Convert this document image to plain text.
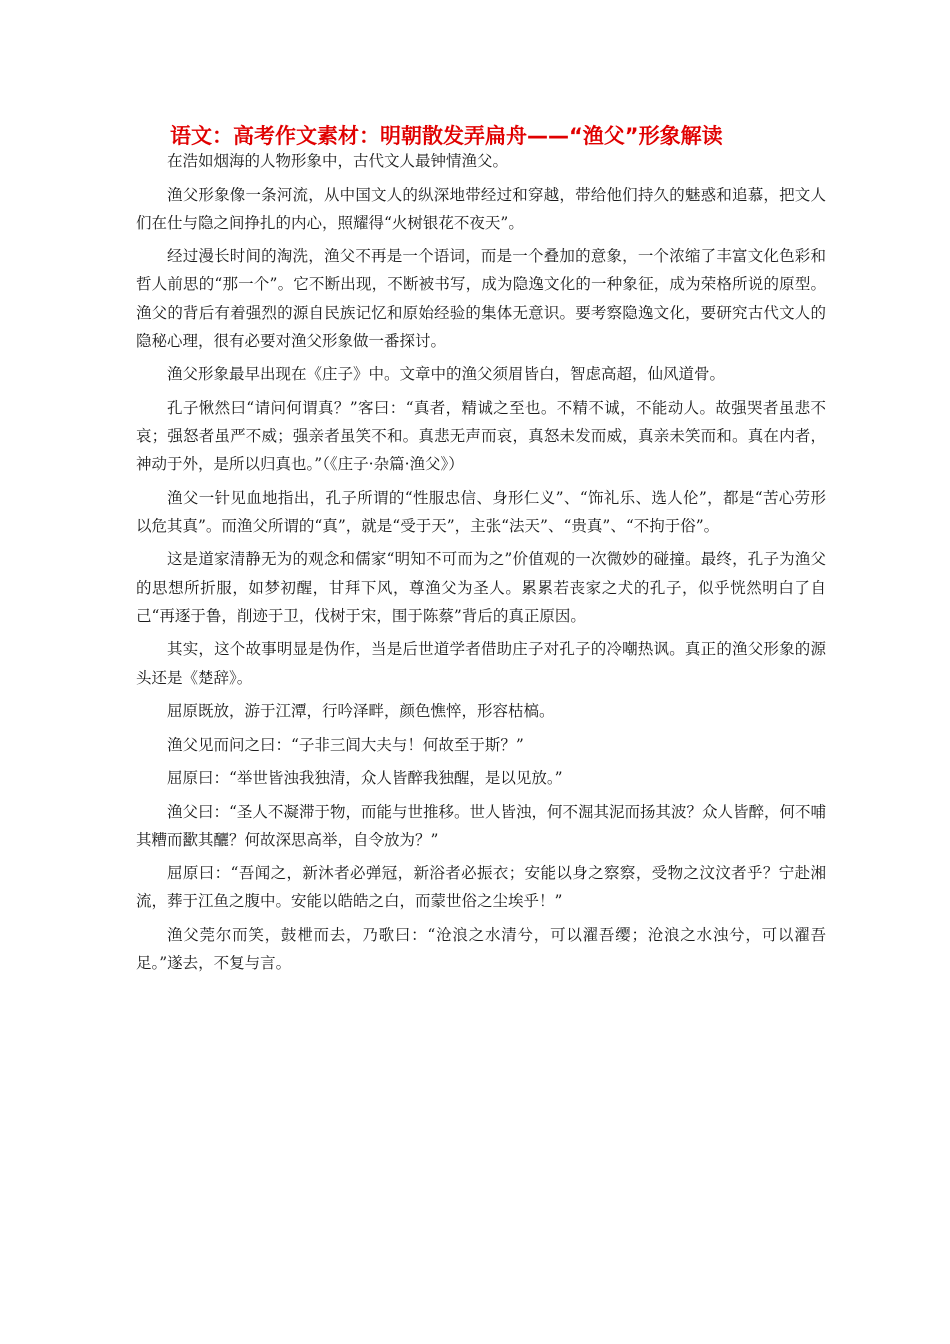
语文：高考作文素材：明朝散发弄扁舟——“渔父”形象解读

在浩如烟海的人物形象中，古代文人最钟情渔父。

渔父形象像一条河流，从中国文人的纵深地带经过和穿越，带给他们持久的魅惑和追慕，把文人们在仕与隐之间挣扎的内心，照耀得“火树银花不夜天”。

经过漫长时间的淘洗，渔父不再是一个语词，而是一个叠加的意象，一个浓缩了丰富文化色彩和哲人前思的“那一个”。它不断出现，不断被书写，成为隐逸文化的一种象征，成为荣格所说的原型。渔父的背后有着强烈的源自民族记忆和原始经验的集体无意识。要考察隐逸文化，要研究古代文人的隐秘心理，很有必要对渔父形象做一番探讨。

渔父形象最早出现在《庄子》中。文章中的渔父须眉皆白，智虑高超，仙风道骨。

孔子愀然曰“请问何谓真？”客曰：“真者，精诚之至也。不精不诚，不能动人。故强哭者虽悲不哀；强怒者虽严不威；强亲者虽笑不和。真悲无声而哀，真怒未发而威，真亲未笑而和。真在内者，神动于外，是所以归真也。”（《庄子·杂篇·渔父》）

渔父一针见血地指出，孔子所谓的“性服忠信、身形仁义”、“饰礼乐、选人伦”，都是“苦心劳形以危其真”。而渔父所谓的“真”，就是“受于天”，主张“法天”、“贵真”、“不拘于俗”。

这是道家清静无为的观念和儒家“明知不可而为之”价值观的一次微妙的碰撞。最终，孔子为渔父的思想所折服，如梦初醒，甘拜下风，尊渔父为圣人。累累若丧家之犬的孔子，似乎恍然明白了自己“再逐于鲁，削迹于卫，伐树于宋，围于陈蔡”背后的真正原因。

其实，这个故事明显是伪作，当是后世道学者借助庄子对孔子的冷嘲热讽。真正的渔父形象的源头还是《楚辞》。

屈原既放，游于江潭，行吟泽畔，颜色憔悴，形容枯槁。

渔父见而问之曰：“子非三闾大夫与！何故至于斯？”

屈原曰：“举世皆浊我独清，众人皆醉我独醒，是以见放。”

渔父曰：“圣人不凝滞于物，而能与世推移。世人皆浊，何不淈其泥而扬其波？众人皆醉，何不哺其糟而歠其釃？何故深思高举，自令放为？”

屈原曰：“吾闻之，新沐者必弹冠，新浴者必振衣；安能以身之察察，受物之汶汶者乎？宁赴湘流，葬于江鱼之腹中。安能以皓皓之白，而蒙世俗之尘埃乎！”

渔父莞尔而笑，鼓枻而去，乃歌曰：“沧浪之水清兮，可以濯吾缨；沧浪之水浊兮，可以濯吾足。”遂去，不复与言。
